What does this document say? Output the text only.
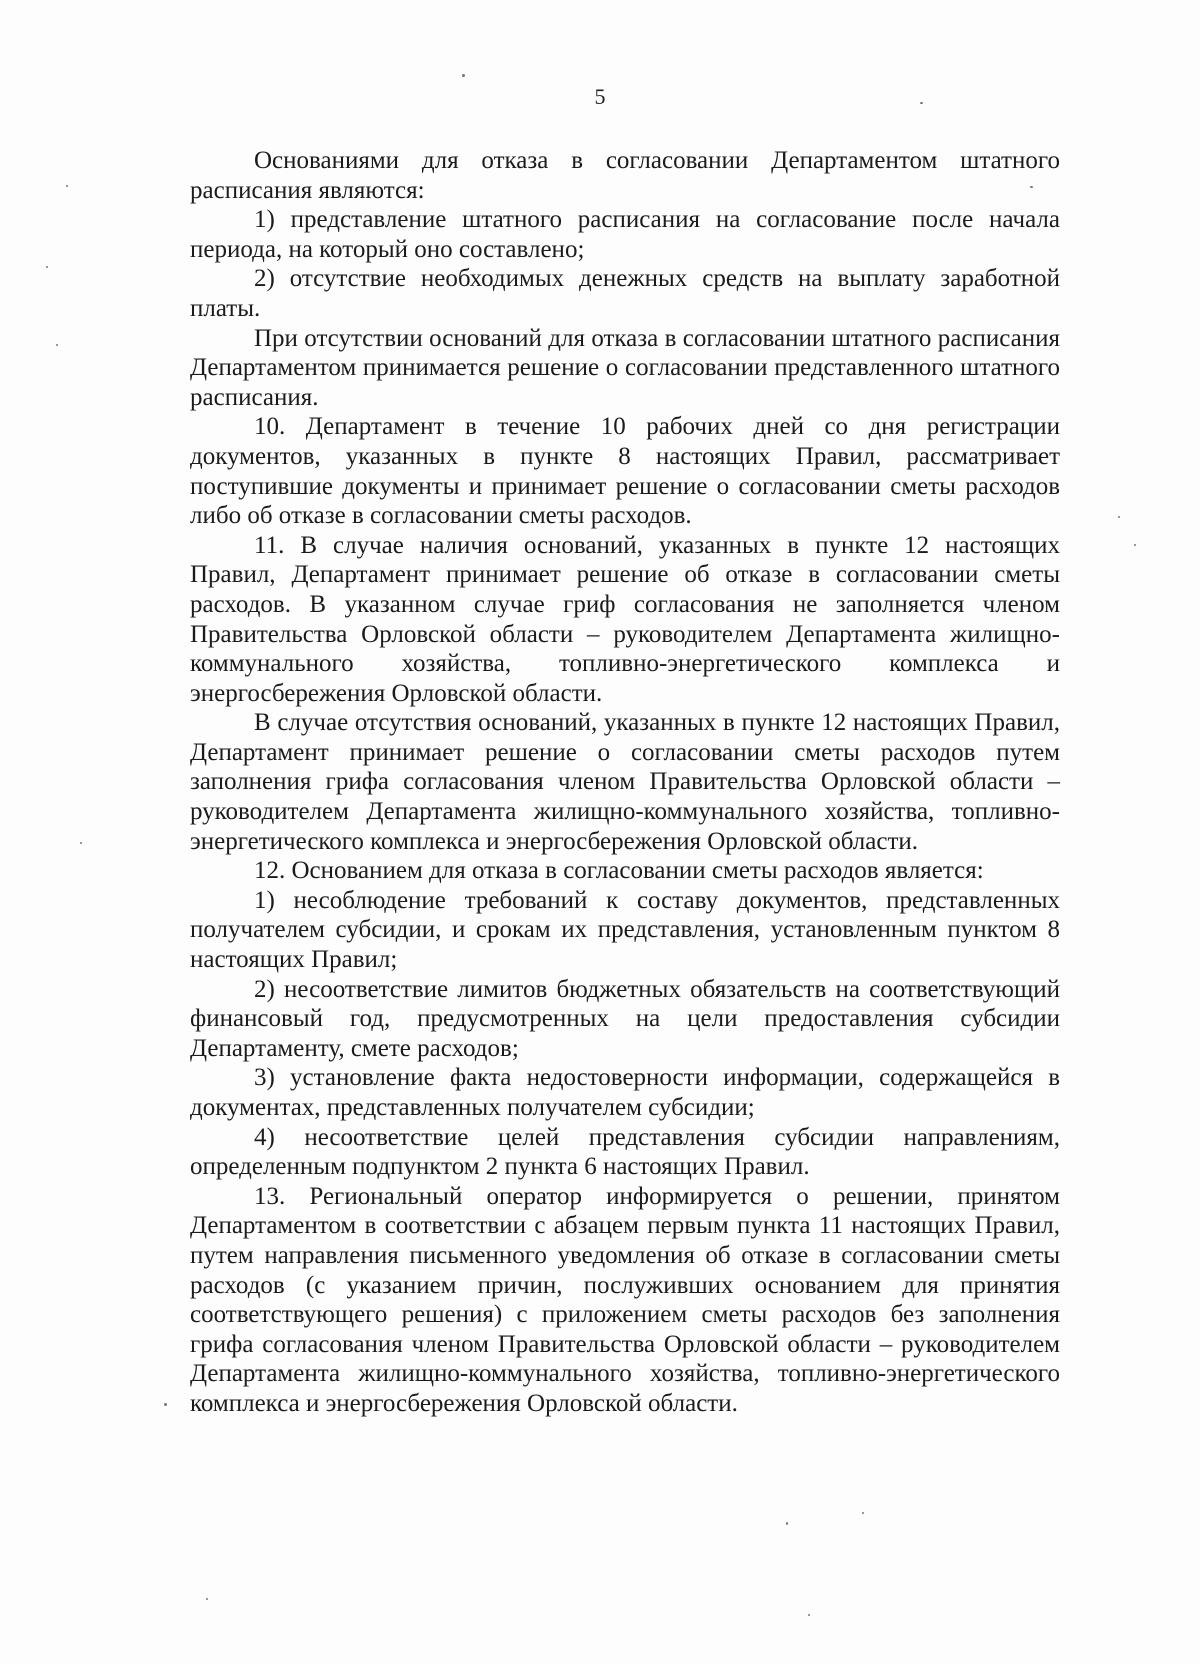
5

Основаниями для отказа в согласовании Департаментом штатного расписания являются:

1) представление штатного расписания на согласование после начала периода, на который оно составлено;

2) отсутствие необходимых денежных средств на выплату заработной платы.

При отсутствии оснований для отказа в согласовании штатного расписания Департаментом принимается решение о согласовании представленного штатного расписания.

10. Департамент в течение 10 рабочих дней со дня регистрации документов, указанных в пункте 8 настоящих Правил, рассматривает поступившие документы и принимает решение о согласовании сметы расходов либо об отказе в согласовании сметы расходов.

11. В случае наличия оснований, указанных в пункте 12 настоящих Правил, Департамент принимает решение об отказе в согласовании сметы расходов. В указанном случае гриф согласования не заполняется членом Правительства Орловской области – руководителем Департамента жилищно-коммунального хозяйства, топливно-энергетического комплекса и энергосбережения Орловской области.

В случае отсутствия оснований, указанных в пункте 12 настоящих Правил, Департамент принимает решение о согласовании сметы расходов путем заполнения грифа согласования членом Правительства Орловской области – руководителем Департамента жилищно-коммунального хозяйства, топливно-энергетического комплекса и энергосбережения Орловской области.

12. Основанием для отказа в согласовании сметы расходов является:

1) несоблюдение требований к составу документов, представленных получателем субсидии, и срокам их представления, установленным пунктом 8 настоящих Правил;

2) несоответствие лимитов бюджетных обязательств на соответствующий финансовый год, предусмотренных на цели предоставления субсидии Департаменту, смете расходов;

3) установление факта недостоверности информации, содержащейся в документах, представленных получателем субсидии;

4) несоответствие целей представления субсидии направлениям, определенным подпунктом 2 пункта 6 настоящих Правил.

13. Региональный оператор информируется о решении, принятом Департаментом в соответствии с абзацем первым пункта 11 настоящих Правил, путем направления письменного уведомления об отказе в согласовании сметы расходов (с указанием причин, послуживших основанием для принятия соответствующего решения) с приложением сметы расходов без заполнения грифа согласования членом Правительства Орловской области – руководителем Департамента жилищно-коммунального хозяйства, топливно-энергетического комплекса и энергосбережения Орловской области.
